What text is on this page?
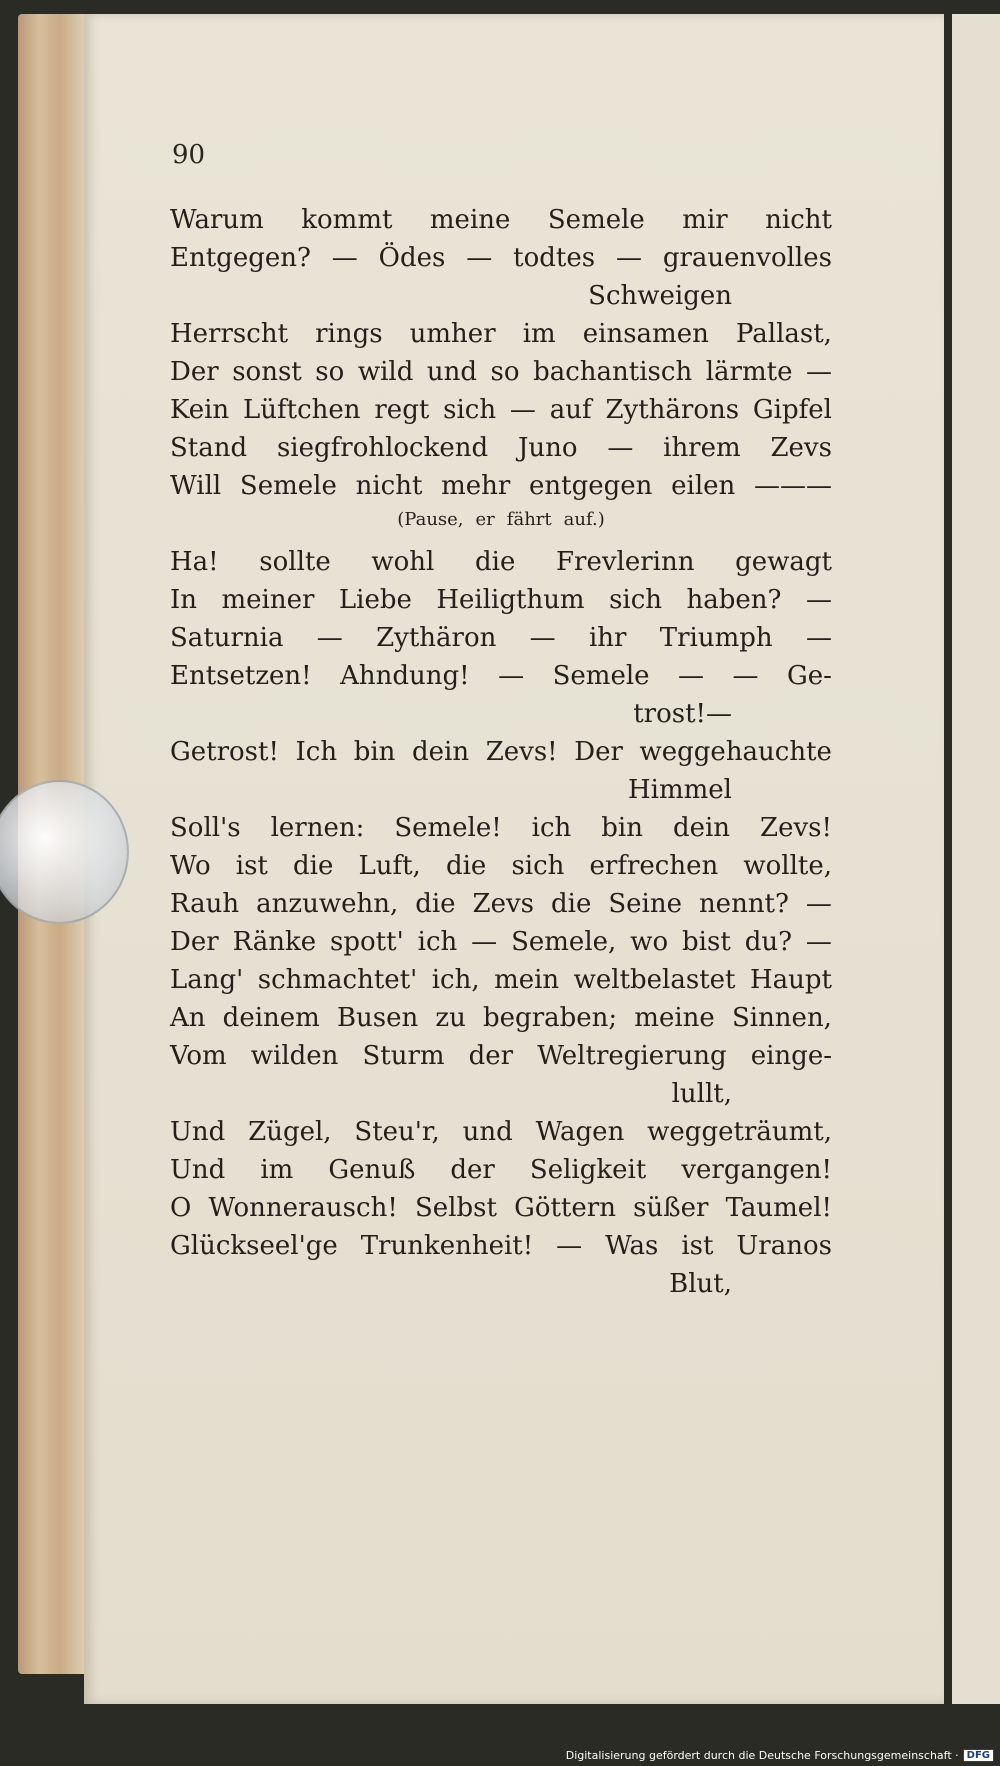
90
Warum kommt meine Semele mir nicht
Entgegen? — Ödes — todtes — grauenvolles
Schweigen
Herrscht rings umher im einsamen Pallast,
Der sonst so wild und so bachantisch lärmte —
Kein Lüftchen regt sich — auf Zythärons Gipfel
Stand siegfrohlockend Juno — ihrem Zevs
Will Semele nicht mehr entgegen eilen ———
(Pause, er fährt auf.)
Ha! sollte wohl die Frevlerinn gewagt
In meiner Liebe Heiligthum sich haben? —
Saturnia — Zythäron — ihr Triumph —
Entsetzen! Ahndung! — Semele — — Ge-
trost! —
Getrost! Ich bin dein Zevs! Der weggehauchte
Himmel
Soll's lernen: Semele! ich bin dein Zevs!
Wo ist die Luft, die sich erfrechen wollte,
Rauh anzuwehn, die Zevs die Seine nennt? —
Der Ränke spott' ich — Semele, wo bist du? —
Lang' schmachtet' ich, mein weltbelastet Haupt
An deinem Busen zu begraben; meine Sinnen,
Vom wilden Sturm der Weltregierung einge-
lullt,
Und Zügel, Steu'r, und Wagen weggeträumt,
Und im Genuß der Seligkeit vergangen!
O Wonnerausch! Selbst Göttern süßer Taumel!
Glückseel'ge Trunkenheit! — Was ist Uranos
Blut,
Digitalisierung gefördert durch die Deutsche Forschungsgemeinschaft · DFG
